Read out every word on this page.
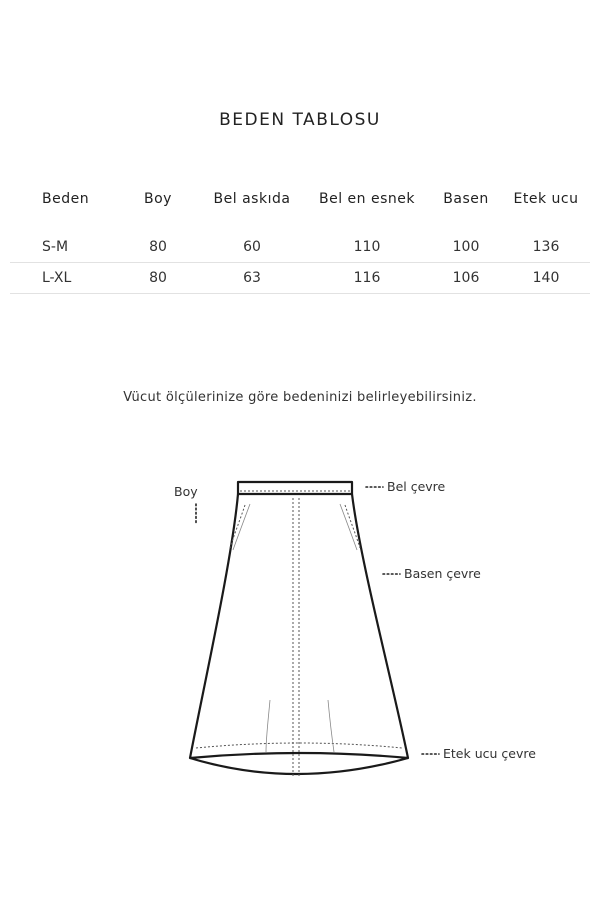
BEDEN TABLOSU
Beden	Boy	Bel askıda	Bel en esnek	Basen	Etek ucu

S-M	80	60	110	100	136
L-XL	80	63	116	106	140
Vücut ölçülerinize göre bedeninizi belirleyebilirsiniz.
Boy	Bel çevre
Basen çevre
Etek ucu çevre
